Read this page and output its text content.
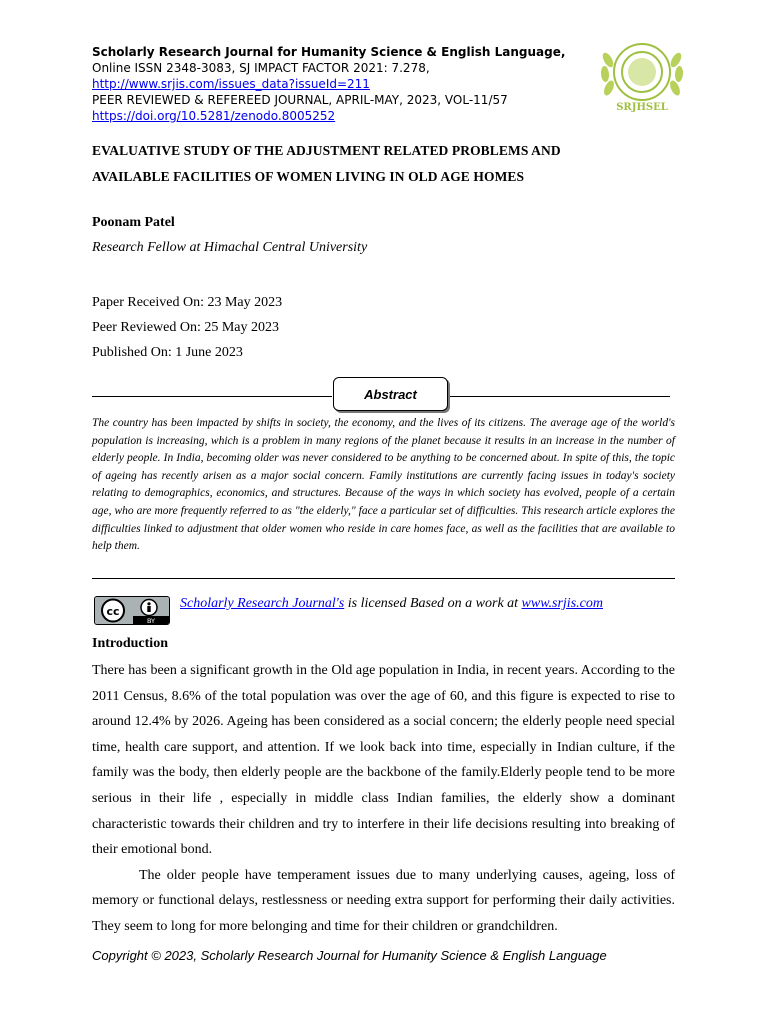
Scholarly Research Journal for Humanity Science & English Language,
Online ISSN 2348-3083, SJ IMPACT FACTOR 2021: 7.278,
http://www.srjis.com/issues_data?issueId=211
PEER REVIEWED & REFEREED JOURNAL, APRIL-MAY, 2023, VOL-11/57
https://doi.org/10.5281/zenodo.8005252
SRJHSEL
EVALUATIVE STUDY OF THE ADJUSTMENT RELATED PROBLEMS AND
AVAILABLE FACILITIES OF WOMEN LIVING IN OLD AGE HOMES
Poonam Patel
Research Fellow at Himachal Central University
Paper Received On: 23 May 2023
Peer Reviewed On: 25 May 2023
Published On: 1 June 2023
Abstract
The country has been impacted by shifts in society, the economy, and the lives of its citizens. The average age of the world's population is increasing, which is a problem in many regions of the planet because it results in an increase in the number of elderly people. In India, becoming older was never considered to be anything to be concerned about. In spite of this, the topic of ageing has recently arisen as a major social concern. Family institutions are currently facing issues in today's society relating to demographics, economics, and structures. Because of the ways in which society has evolved, people of a certain age, who are more frequently referred to as "the elderly," face a particular set of difficulties. This research article explores the difficulties linked to adjustment that older women who reside in care homes face, as well as the facilities that are available to help them.
cc
BY
Scholarly Research Journal's is licensed Based on a work at www.srjis.com
Introduction

There has been a significant growth in the Old age population in India, in recent years. According to the 2011 Census, 8.6% of the total population was over the age of 60, and this figure is expected to rise to around 12.4% by 2026. Ageing has been considered as a social concern; the elderly people need special time, health care support, and attention. If we look back into time, especially in Indian culture, if the family was the body, then elderly people are the backbone of the family.Elderly people tend to be more serious in their life , especially in middle class Indian families, the elderly show a dominant characteristic towards their children and try to interfere in their life decisions resulting into breaking of their emotional bond.

The older people have temperament issues due to many underlying causes, ageing, loss of memory or functional delays, restlessness or needing extra support for performing their daily activities. They seem to long for more belonging and time for their children or grandchildren.

Copyright © 2023, Scholarly Research Journal for Humanity Science & English Language
